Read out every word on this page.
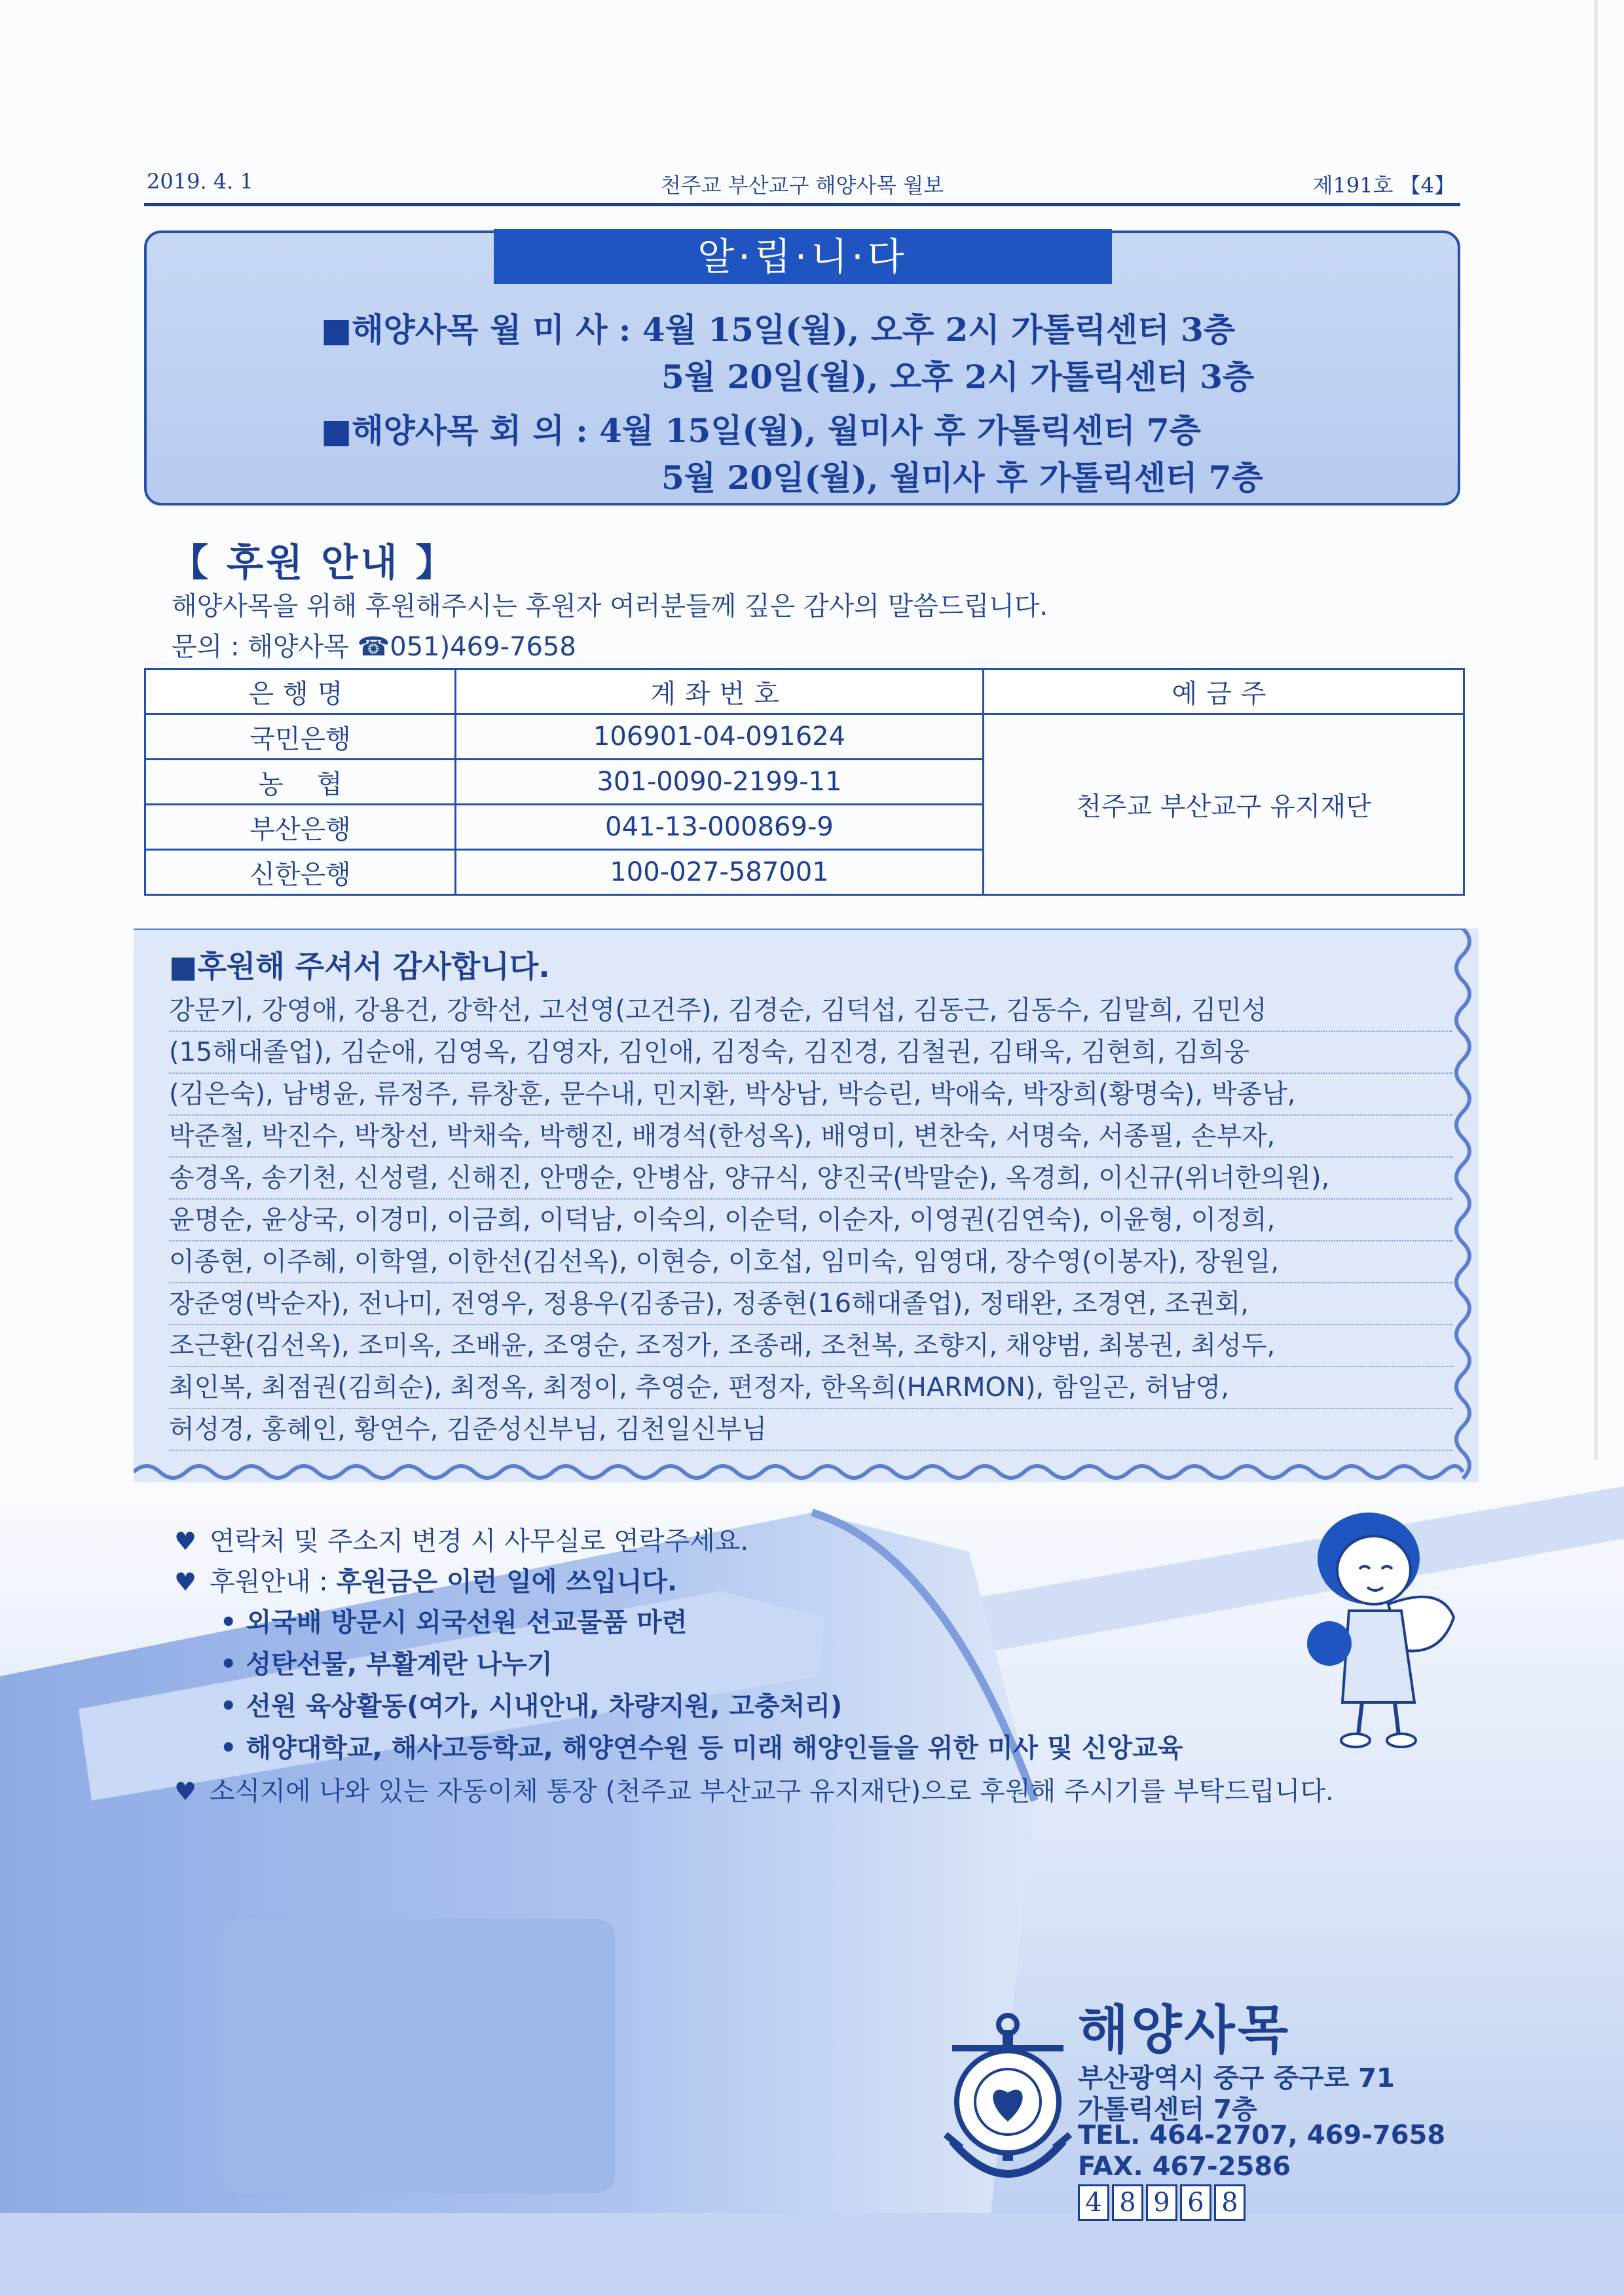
2019. 4. 1	천주교 부산교구 해양사목 월보	제191호 【4】
알·립·니·다
■해양사목 월 미 사 : 4월 15일(월), 오후 2시 가톨릭센터 3층
5월 20일(월), 오후 2시 가톨릭센터 3층
■해양사목 회 의 : 4월 15일(월), 월미사 후 가톨릭센터 7층
5월 20일(월), 월미사 후 가톨릭센터 7층
【 후원 안내 】
해양사목을 위해 후원해주시는 후원자 여러분들께 깊은 감사의 말씀드립니다.
문의 : 해양사목 ☎051)469-7658
은행명	계좌번호	예금주
국민은행	106901-04-091624	천주교 부산교구 유지재단
농    협	301-0090-2199-11	
부산은행	041-13-000869-9	
신한은행	100-027-587001	
■후원해 주셔서 감사합니다.
강문기, 강영애, 강용건, 강학선, 고선영(고건주), 김경순, 김덕섭, 김동근, 김동수, 김말희, 김민성
(15해대졸업), 김순애, 김영옥, 김영자, 김인애, 김정숙, 김진경, 김철권, 김태욱, 김현희, 김희웅
(김은숙), 남병윤, 류정주, 류창훈, 문수내, 민지환, 박상남, 박승린, 박애숙, 박장희(황명숙), 박종남,
박준철, 박진수, 박창선, 박채숙, 박행진, 배경석(한성옥), 배영미, 변찬숙, 서명숙, 서종필, 손부자,
송경옥, 송기천, 신성렬, 신해진, 안맹순, 안병삼, 양규식, 양진국(박말순), 옥경희, 이신규(위너한의원),
윤명순, 윤상국, 이경미, 이금희, 이덕남, 이숙의, 이순덕, 이순자, 이영권(김연숙), 이윤형, 이정희,
이종현, 이주혜, 이학열, 이한선(김선옥), 이현승, 이호섭, 임미숙, 임영대, 장수영(이봉자), 장원일,
장준영(박순자), 전나미, 전영우, 정용우(김종금), 정종현(16해대졸업), 정태완, 조경연, 조권회,
조근환(김선옥), 조미옥, 조배윤, 조영순, 조정가, 조종래, 조천복, 조향지, 채양범, 최봉권, 최성두,
최인복, 최점권(김희순), 최정옥, 최정이, 추영순, 편정자, 한옥희(HARMON), 함일곤, 허남영,
허성경, 홍혜인, 황연수, 김준성신부님, 김천일신부님
♥ 연락처 및 주소지 변경 시 사무실로 연락주세요.
♥ 후원안내 : 후원금은 이런 일에 쓰입니다.
• 외국배 방문시 외국선원 선교물품 마련
• 성탄선물, 부활계란 나누기
• 선원 육상활동(여가, 시내안내, 차량지원, 고충처리)
• 해양대학교, 해사고등학교, 해양연수원 등 미래 해양인들을 위한 미사 및 신앙교육
♥ 소식지에 나와 있는 자동이체 통장 (천주교 부산교구 유지재단)으로 후원해 주시기를 부탁드립니다.
해양사목
부산광역시 중구 중구로 71
가톨릭센터 7층
TEL. 464-2707, 469-7658
FAX. 467-2586
4 8 9 6 8
